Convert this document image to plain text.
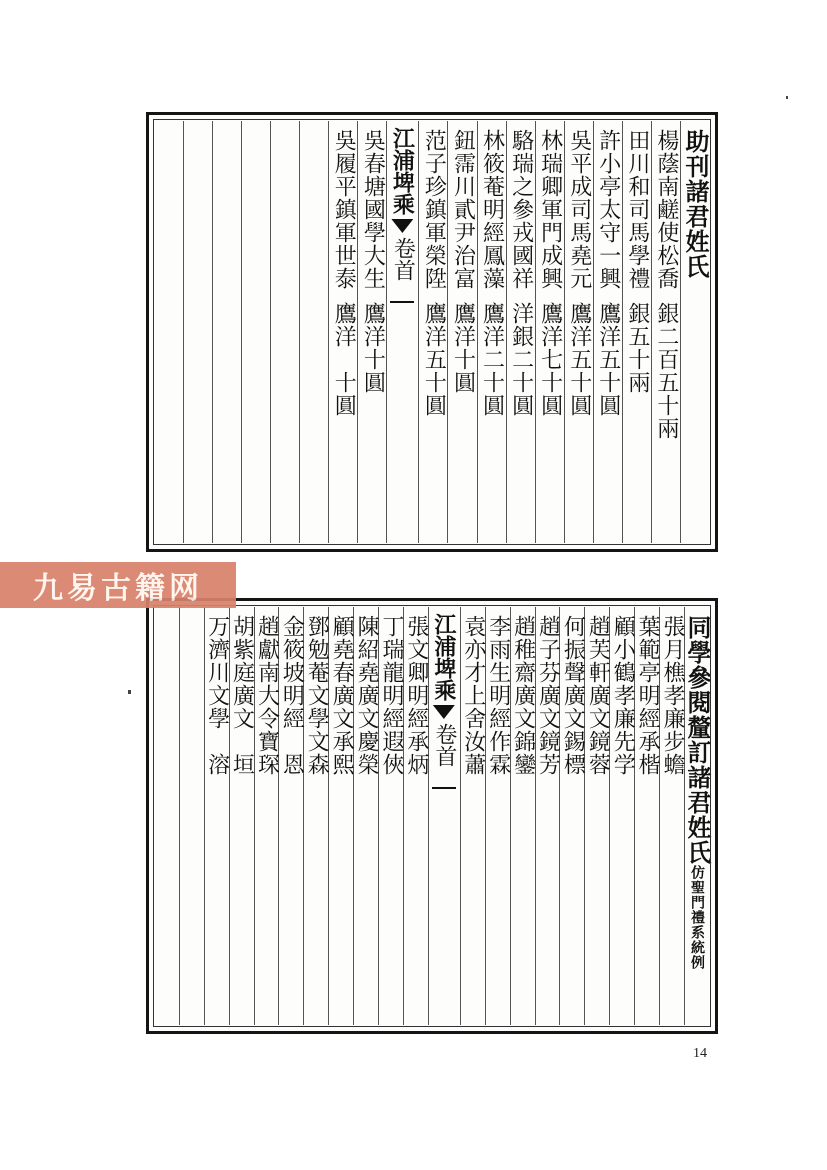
助刊諸君姓氏
楊蔭南鹺使松喬銀二百五十兩
田川和司馬學禮銀五十兩
許小亭太守一興鷹洋五十圓
吳平成司馬堯元鷹洋五十圓
林瑞卿軍門成興鷹洋七十圓
駱瑞之參戎國祥洋銀二十圓
林筱菴明經鳳藻鷹洋二十圓
鈕霈川貳尹治富鷹洋十圓
范子珍鎮軍榮陞鷹洋五十圓
江浦埤乘卷首
吳春塘國學大生鷹洋十圓
吳履平鎮軍世泰鷹洋　十圓
同學參閱釐訂諸君姓氏仿聖門禮系統例
張月樵孝廉步蟾
葉範亭明經承楷
顧小鶴孝廉先学
趙芙軒廣文鏡蓉
何振聲廣文錫標
趙子芬廣文鏡芳
趙稚齋廣文錦鑾
李雨生明經作霖
袁亦才上舍汝蕭
江浦埤乘卷首
張文卿明經承炳
丁瑞龍明經遐俠
陳紹堯廣文慶榮
顧堯春廣文承熙
鄧勉菴文學文森
金筱坡明經　恩
趙獻南大令寶琛
胡紫庭廣文　垣
万濟川文學　溶
九易古籍网
14
